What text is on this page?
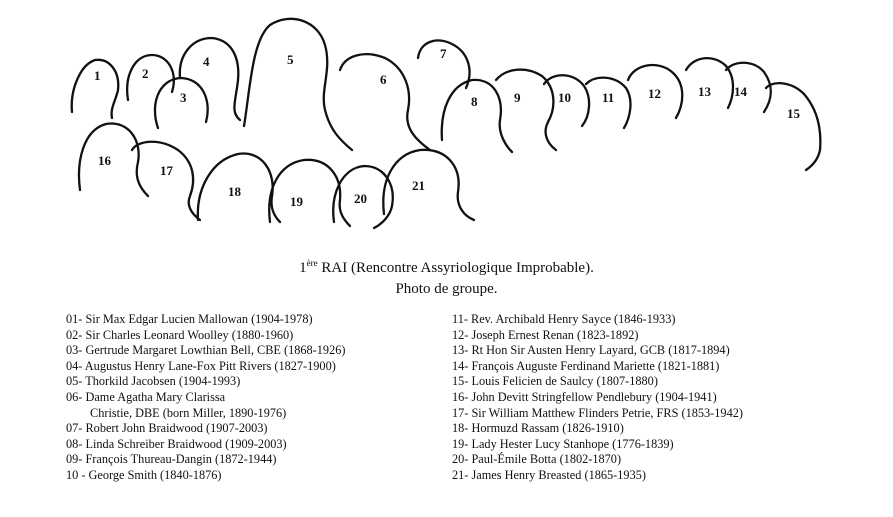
1	2
3
4	5
6
7
8	9	10 11	12	13 14
15
16
17
18
19	20
21
1ère RAI (Rencontre Assyriologique Improbable).
Photo de groupe.
01- Sir Max Edgar Lucien Mallowan (1904-1978)
02- Sir Charles Leonard Woolley (1880-1960)
03- Gertrude Margaret Lowthian Bell, CBE (1868-1926)
04- Augustus Henry Lane-Fox Pitt Rivers (1827-1900)
05- Thorkild Jacobsen (1904-1993)
06- Dame Agatha Mary Clarissa
Christie, DBE (born Miller, 1890-1976)
07- Robert John Braidwood (1907-2003)
08- Linda Schreiber Braidwood (1909-2003)
09- François Thureau-Dangin (1872-1944)
10 - George Smith (1840-1876)
11- Rev. Archibald Henry Sayce (1846-1933)
12- Joseph Ernest Renan (1823-1892)
13- Rt Hon Sir Austen Henry Layard, GCB (1817-1894)
14- François Auguste Ferdinand Mariette (1821-1881)
15- Louis Felicien de Saulcy (1807-1880)
16- John Devitt Stringfellow Pendlebury (1904-1941)
17- Sir William Matthew Flinders Petrie, FRS (1853-1942)
18- Hormuzd Rassam (1826-1910)
19- Lady Hester Lucy Stanhope (1776-1839)
20- Paul-Émile Botta (1802-1870)
21- James Henry Breasted (1865-1935)
